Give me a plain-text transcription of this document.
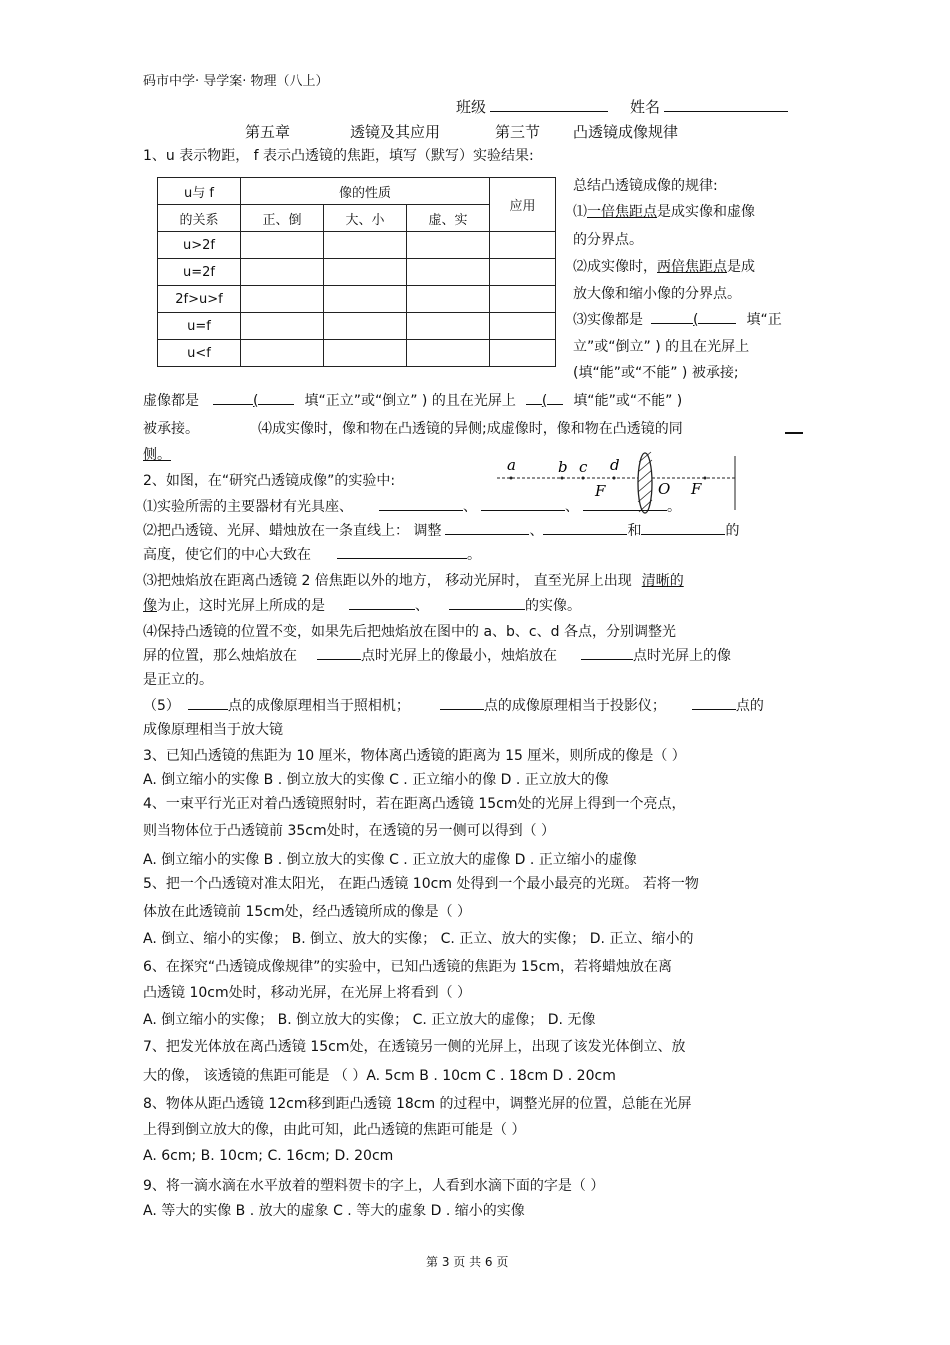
码市中学· 导学案· 物理（八上）
班级	姓名
第五章	透镜及其应用	第三节 凸透镜成像规律
1、u 表示物距， f 表示凸透镜的焦距，填写（默写）实验结果:
u与 f	像的性质			应用
的关系	正、倒	大、小	虚、实	
u>2f				
u=2f				
2f>u>f				
u=f				
u<f				
总结凸透镜成像的规律:
⑴一倍焦距点是成实像和虚像
的分界点。
⑵成实像时，两倍焦距点是成
放大像和缩小像的分界点。
⑶实像都是	(	填“正
立”或“倒立” ) 的且在光屏上
(填“能”或“不能” ) 被承接;
虚像都是	(	填“正立”或“倒立” ) 的且在光屏上 ( 填“能”或“不能” )
被承接。	⑷成实像时，像和物在凸透镜的异侧;成虚像时，像和物在凸透镜的同
侧。
2、如图，在“研究凸透镜成像”的实验中:
a	b c d
F	O F
⑴实验所需的主要器材有光具座、	、	、	。
⑵把凸透镜、光屏、蜡烛放在一条直线上： 调整	、	和	的
高度，使它们的中心大致在	。
⑶把烛焰放在距离凸透镜 2 倍焦距以外的地方， 移动光屏时， 直至光屏上出现 清晰的
像为止，这时光屏上所成的是	、	的实像。
⑷保持凸透镜的位置不变，如果先后把烛焰放在图中的 a、b、c、d 各点，分别调整光
屏的位置，那么烛焰放在	点时光屏上的像最小，烛焰放在	点时光屏上的像
是正立的。
（5）	点的成像原理相当于照相机；	点的成像原理相当于投影仪；	点的
成像原理相当于放大镜
3、已知凸透镜的焦距为 10 厘米，物体离凸透镜的距离为 15 厘米，则所成的像是（ ）
A. 倒立缩小的实像 B . 倒立放大的实像 C . 正立缩小的像 D . 正立放大的像
4、一束平行光正对着凸透镜照射时，若在距离凸透镜 15cm处的光屏上得到一个亮点，
则当物体位于凸透镜前 35cm处时，在透镜的另一侧可以得到（ ）
A. 倒立缩小的实像 B . 倒立放大的实像 C . 正立放大的虚像 D . 正立缩小的虚像
5、把一个凸透镜对准太阳光， 在距凸透镜 10cm 处得到一个最小最亮的光斑。 若将一物
体放在此透镜前 15cm处，经凸透镜所成的像是（ ）
A. 倒立、缩小的实像； B. 倒立、放大的实像； C. 正立、放大的实像； D. 正立、缩小的
6、在探究“凸透镜成像规律”的实验中，已知凸透镜的焦距为 15cm，若将蜡烛放在离
凸透镜 10cm处时，移动光屏，在光屏上将看到（ ）
A. 倒立缩小的实像； B. 倒立放大的实像； C. 正立放大的虚像； D. 无像
7、把发光体放在离凸透镜 15cm处，在透镜另一侧的光屏上，出现了该发光体倒立、放
大的像， 该透镜的焦距可能是 （ ）A. 5cm B . 10cm C . 18cm D . 20cm
8、物体从距凸透镜 12cm移到距凸透镜 18cm 的过程中，调整光屏的位置，总能在光屏
上得到倒立放大的像，由此可知，此凸透镜的焦距可能是（ ）
A. 6cm; B. 10cm; C. 16cm; D. 20cm
9、将一滴水滴在水平放着的塑料贺卡的字上，人看到水滴下面的字是（ ）
A. 等大的实像 B . 放大的虚象 C . 等大的虚象 D . 缩小的实像
第 3 页 共 6 页
